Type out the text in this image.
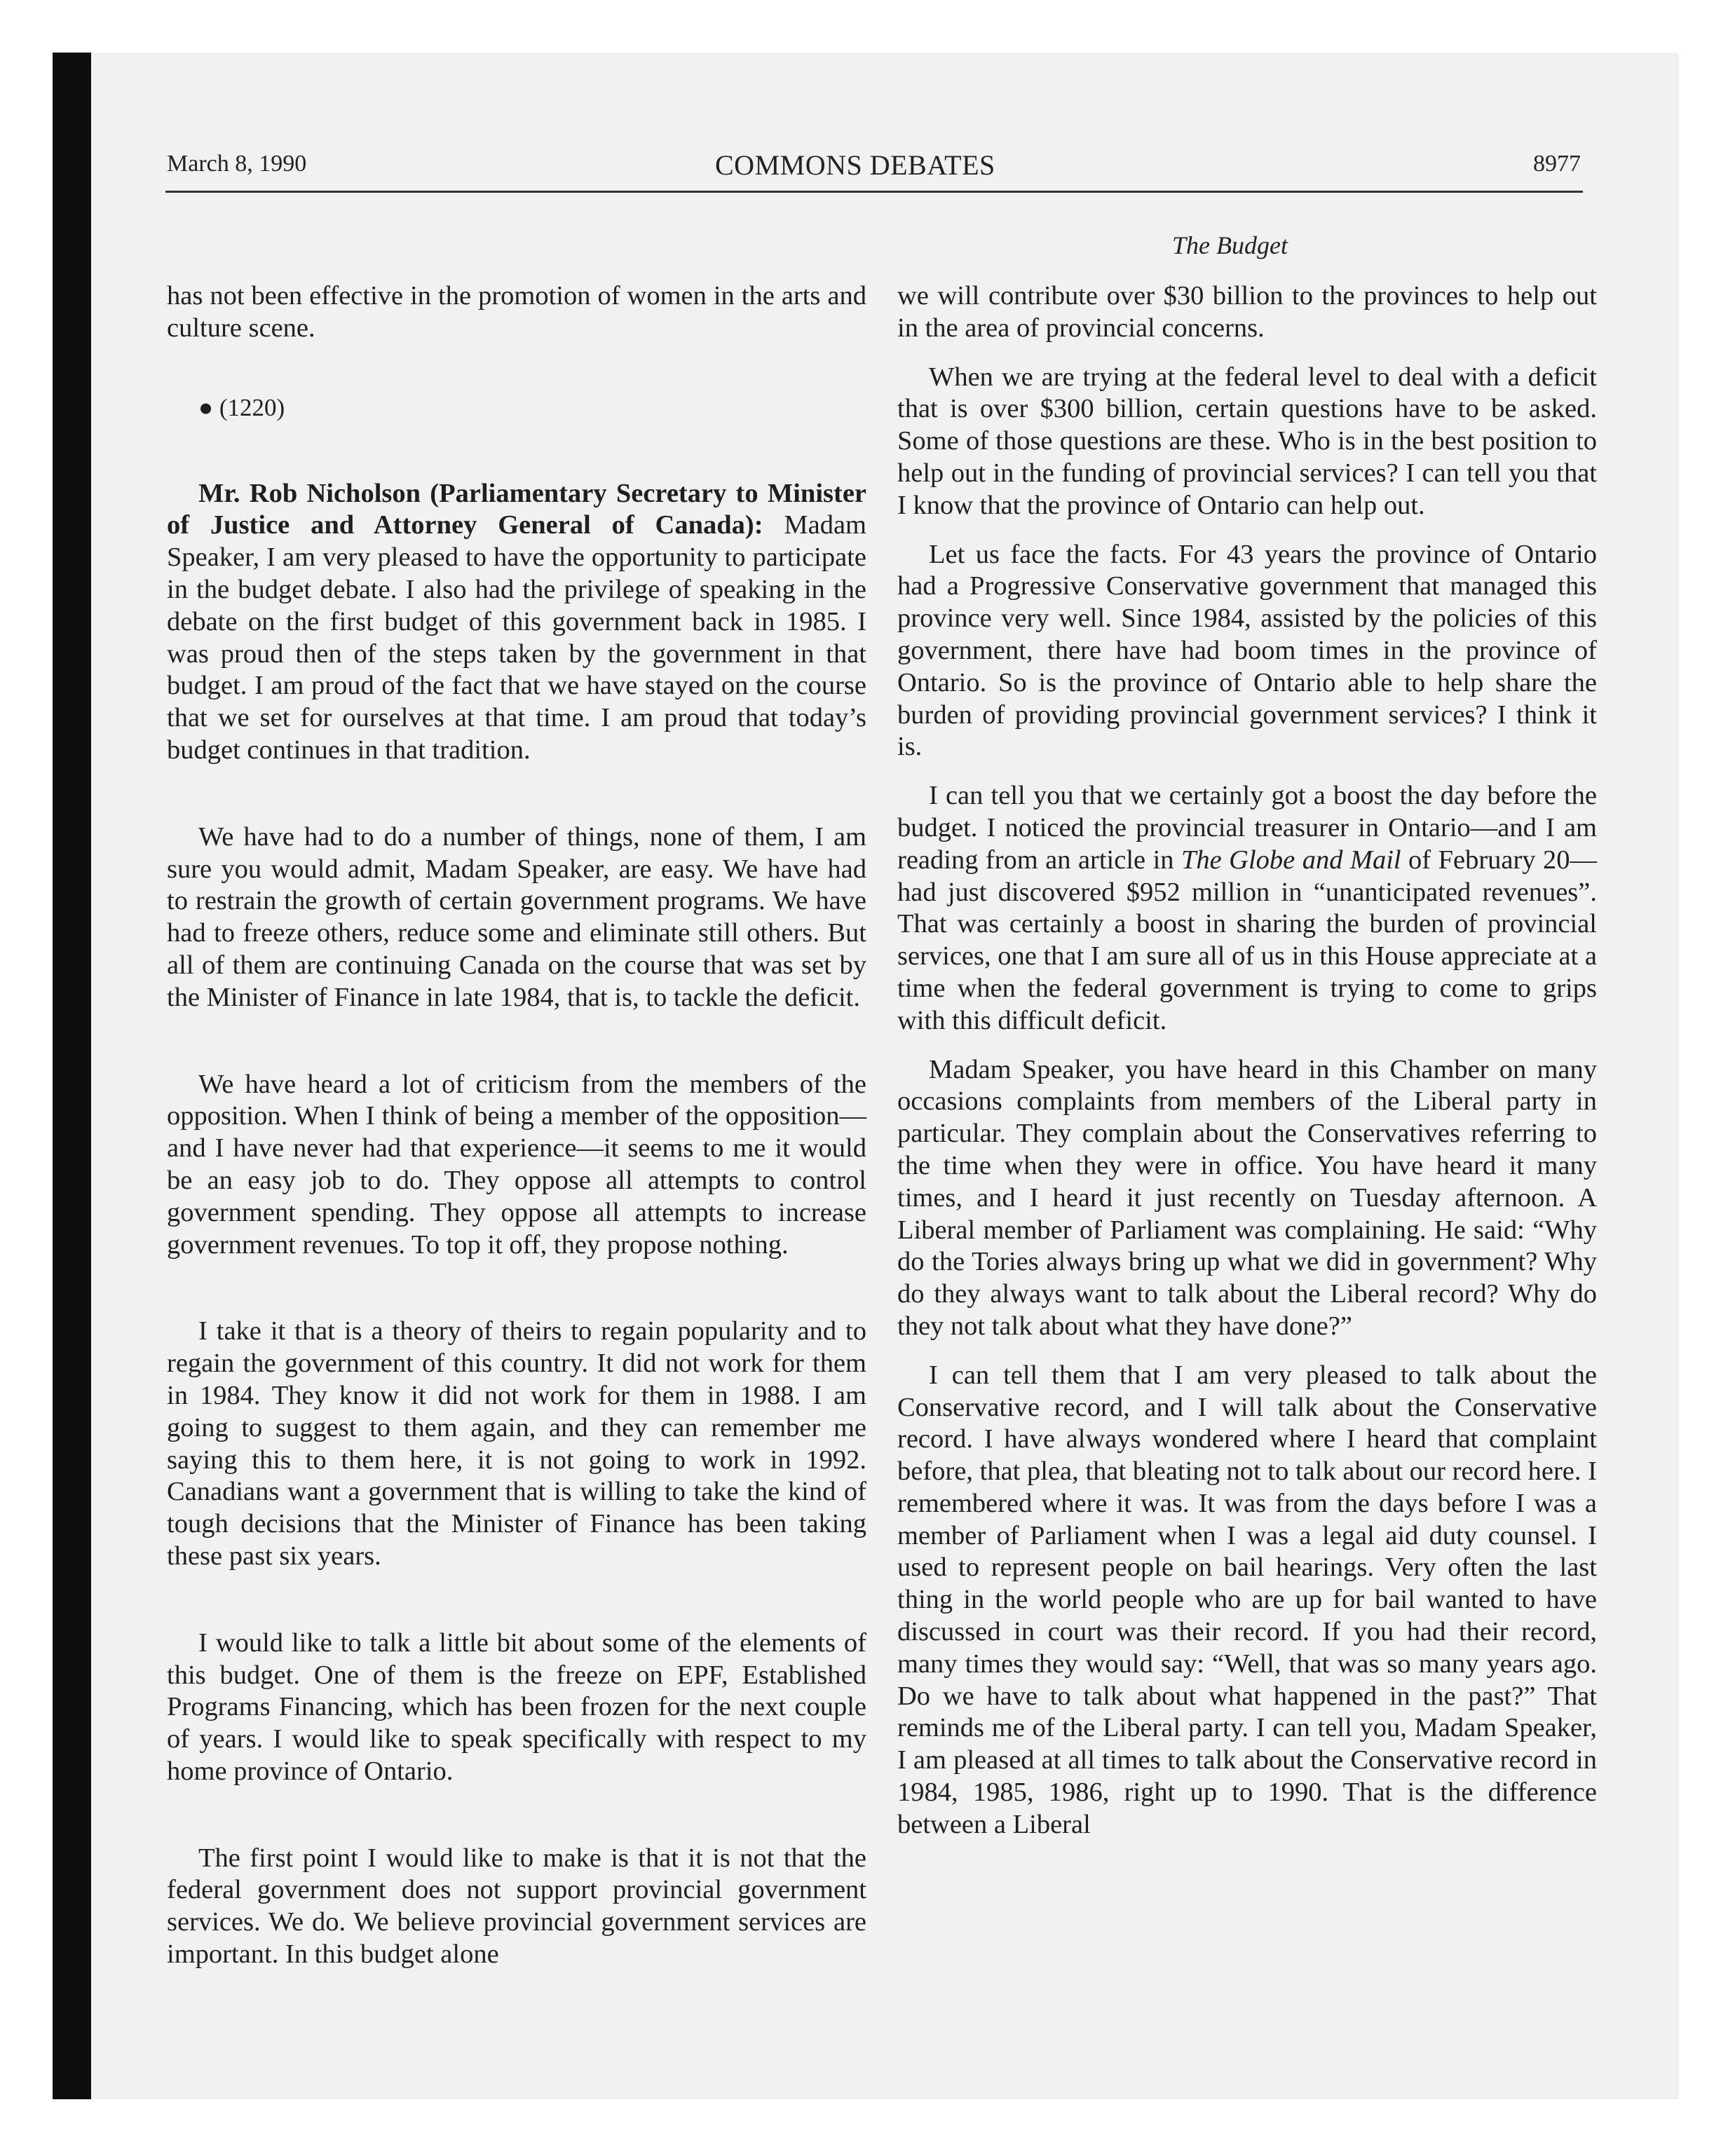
March 8, 1990	COMMONS DEBATES	8977
The Budget

has not been effective in the promotion of women in the arts and culture scene.

● (1220)

Mr. Rob Nicholson (Parliamentary Secretary to Minister of Justice and Attorney General of Canada): Madam Speaker, I am very pleased to have the opportunity to participate in the budget debate. I also had the privilege of speaking in the debate on the first budget of this government back in 1985. I was proud then of the steps taken by the government in that budget. I am proud of the fact that we have stayed on the course that we set for ourselves at that time. I am proud that today’s budget continues in that tradition.

We have had to do a number of things, none of them, I am sure you would admit, Madam Speaker, are easy. We have had to restrain the growth of certain government programs. We have had to freeze others, reduce some and eliminate still others. But all of them are continuing Canada on the course that was set by the Minister of Finance in late 1984, that is, to tackle the deficit.

We have heard a lot of criticism from the members of the opposition. When I think of being a member of the opposition—and I have never had that experience—it seems to me it would be an easy job to do. They oppose all attempts to control government spending. They oppose all attempts to increase government revenues. To top it off, they propose nothing.

I take it that is a theory of theirs to regain popularity and to regain the government of this country. It did not work for them in 1984. They know it did not work for them in 1988. I am going to suggest to them again, and they can remember me saying this to them here, it is not going to work in 1992. Canadians want a government that is willing to take the kind of tough decisions that the Minister of Finance has been taking these past six years.

I would like to talk a little bit about some of the elements of this budget. One of them is the freeze on EPF, Established Programs Financing, which has been frozen for the next couple of years. I would like to speak specifically with respect to my home province of Ontario.

The first point I would like to make is that it is not that the federal government does not support provincial government services. We do. We believe provincial government services are important. In this budget alone

we will contribute over $30 billion to the provinces to help out in the area of provincial concerns.

When we are trying at the federal level to deal with a deficit that is over $300 billion, certain questions have to be asked. Some of those questions are these. Who is in the best position to help out in the funding of provincial services? I can tell you that I know that the province of Ontario can help out.

Let us face the facts. For 43 years the province of Ontario had a Progressive Conservative government that managed this province very well. Since 1984, assisted by the policies of this government, there have had boom times in the province of Ontario. So is the province of Ontario able to help share the burden of providing provincial government services? I think it is.

I can tell you that we certainly got a boost the day before the budget. I noticed the provincial treasurer in Ontario—and I am reading from an article in The Globe and Mail of February 20—had just discovered $952 million in “unanticipated revenues”. That was certainly a boost in sharing the burden of provincial services, one that I am sure all of us in this House appreciate at a time when the federal government is trying to come to grips with this difficult deficit.

Madam Speaker, you have heard in this Chamber on many occasions complaints from members of the Liberal party in particular. They complain about the Conservatives referring to the time when they were in office. You have heard it many times, and I heard it just recently on Tuesday afternoon. A Liberal member of Parliament was complaining. He said: “Why do the Tories always bring up what we did in government? Why do they always want to talk about the Liberal record? Why do they not talk about what they have done?”

I can tell them that I am very pleased to talk about the Conservative record, and I will talk about the Conservative record. I have always wondered where I heard that complaint before, that plea, that bleating not to talk about our record here. I remembered where it was. It was from the days before I was a member of Parliament when I was a legal aid duty counsel. I used to represent people on bail hearings. Very often the last thing in the world people who are up for bail wanted to have discussed in court was their record. If you had their record, many times they would say: “Well, that was so many years ago. Do we have to talk about what happened in the past?” That reminds me of the Liberal party. I can tell you, Madam Speaker, I am pleased at all times to talk about the Conservative record in 1984, 1985, 1986, right up to 1990. That is the difference between a Liberal
